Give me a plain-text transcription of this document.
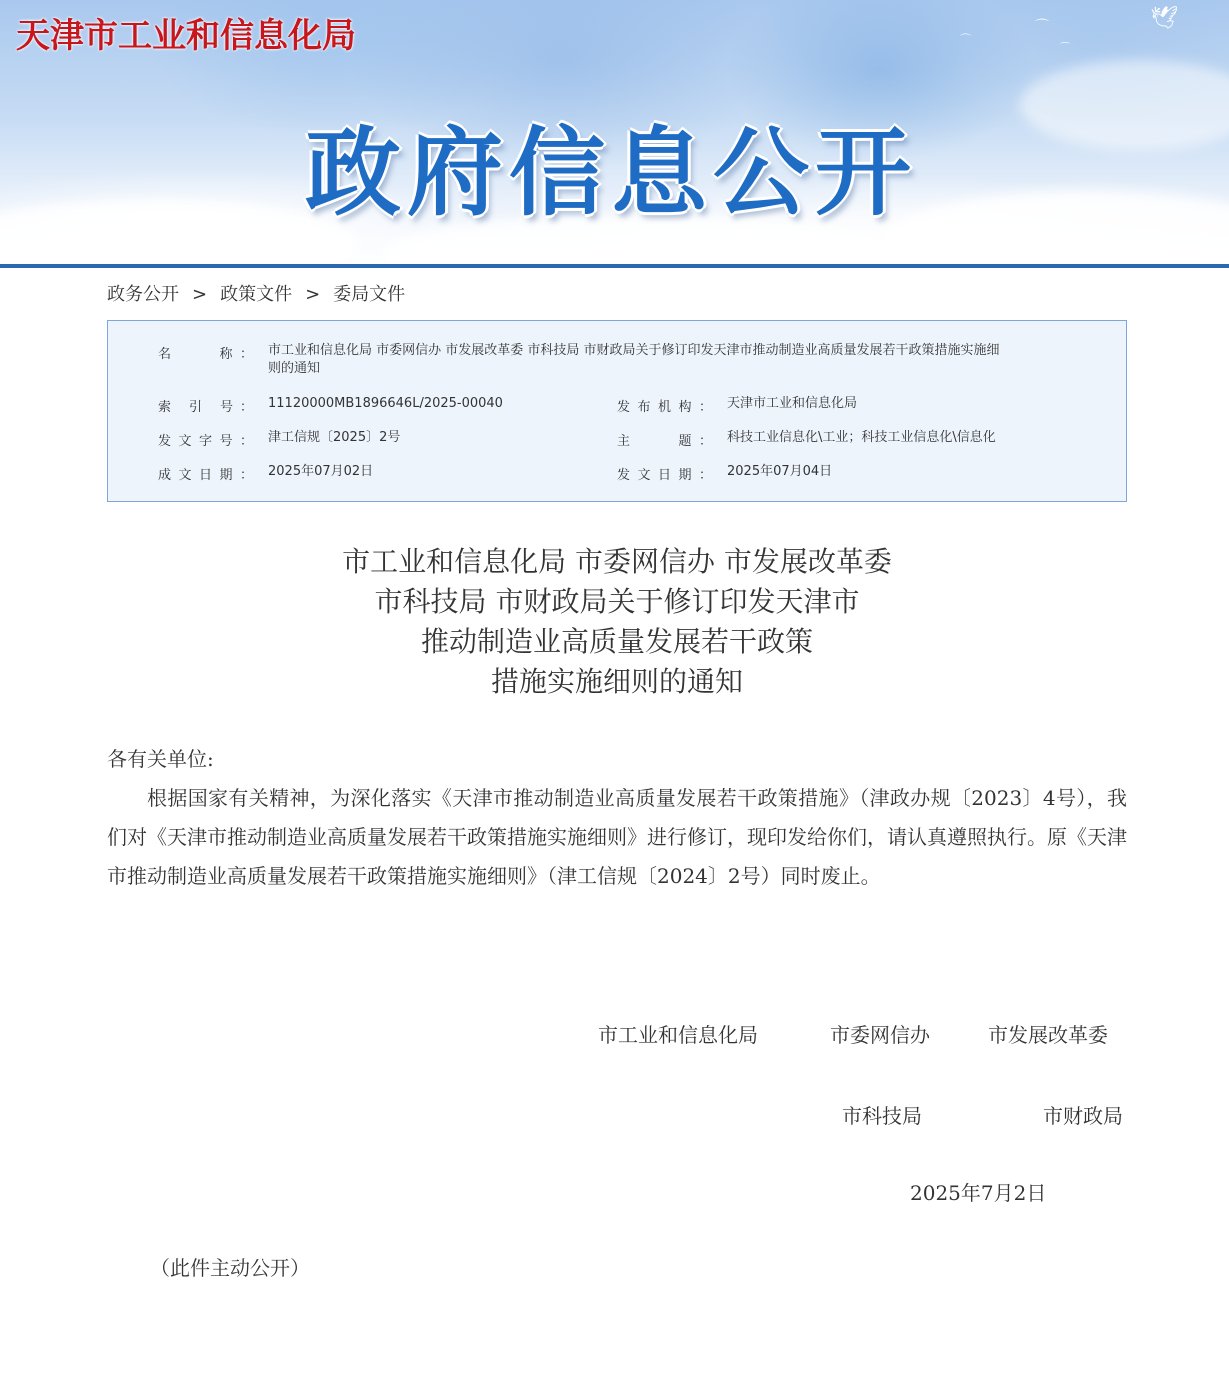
🕊
⌒
⌒
⌒
天津市工业和信息化局
政府信息公开
政务公开 > 政策文件 > 委局文件
名　　称： 市工业和信息化局 市委网信办 市发展改革委 市科技局 市财政局关于修订印发天津市推动制造业高质量发展若干政策措施实施细
则的通知
索 引 号： 11120000MB1896646L/2025-00040	发布机构： 天津市工业和信息化局
发文字号： 津工信规〔2025〕2号	主　　题： 科技工业信息化\工业；科技工业信息化\信息化
成文日期： 2025年07月02日	发文日期： 2025年07月04日
市工业和信息化局 市委网信办 市发展改革委
市科技局 市财政局关于修订印发天津市
推动制造业高质量发展若干政策
措施实施细则的通知

各有关单位:

根据国家有关精神，为深化落实《天津市推动制造业高质量发展若干政策措施》（津政办规〔2023〕4号），我们对《天津市推动制造业高质量发展若干政策措施实施细则》进行修订，现印发给你们，请认真遵照执行。原《天津市推动制造业高质量发展若干政策措施实施细则》（津工信规〔2024〕2号）同时废止。

市工业和信息化局	市委网信办	市发展改革委
市科技局	市财政局
2025年7月2日
（此件主动公开）
